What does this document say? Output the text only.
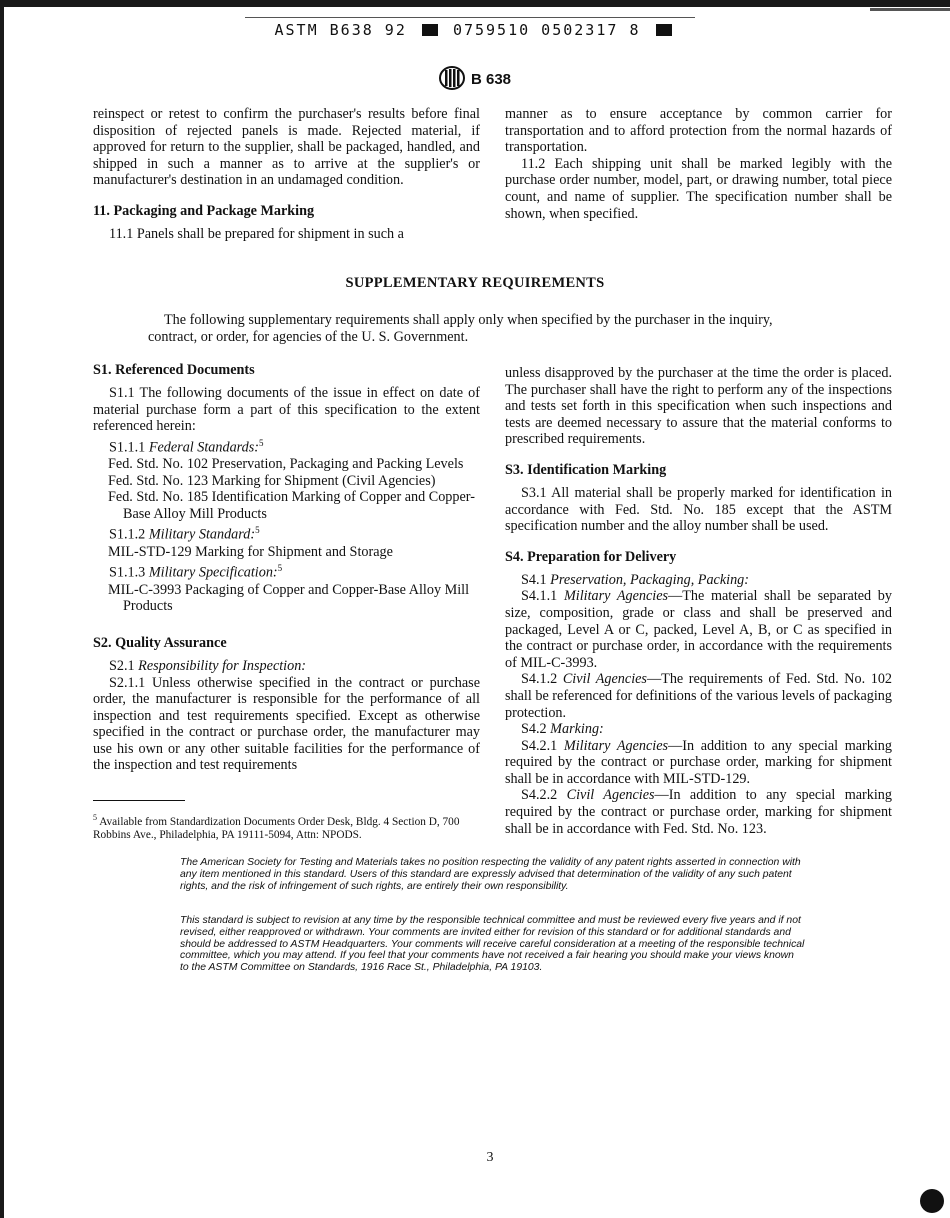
ASTM B638 92	0759510 0502317 8
B 638

reinspect or retest to confirm the purchaser's results before final disposition of rejected panels is made. Rejected material, if approved for return to the supplier, shall be packaged, handled, and shipped in such a manner as to arrive at the supplier's or manufacturer's destination in an undamaged condition.

11. Packaging and Package Marking

11.1 Panels shall be prepared for shipment in such a

manner as to ensure acceptance by common carrier for transportation and to afford protection from the normal hazards of transportation.

11.2 Each shipping unit shall be marked legibly with the purchase order number, model, part, or drawing number, total piece count, and name of supplier. The specification number shall be shown, when specified.

SUPPLEMENTARY REQUIREMENTS

The following supplementary requirements shall apply only when specified by the purchaser in the inquiry,

contract, or order, for agencies of the U. S. Government.

S1. Referenced Documents

S1.1 The following documents of the issue in effect on date of material purchase form a part of this specification to the extent referenced herein:

S1.1.1 Federal Standards:$^5$

Fed. Std. No. 102 Preservation, Packaging and Packing Levels

Fed. Std. No. 123 Marking for Shipment (Civil Agencies)

Fed. Std. No. 185 Identification Marking of Copper and Copper-Base Alloy Mill Products

S1.1.2 Military Standard:$^5$

MIL-STD-129 Marking for Shipment and Storage

S1.1.3 Military Specification:$^5$

MIL-C-3993 Packaging of Copper and Copper-Base Alloy Mill Products

S2. Quality Assurance

S2.1 Responsibility for Inspection:

S2.1.1 Unless otherwise specified in the contract or purchase order, the manufacturer is responsible for the performance of all inspection and test requirements specified. Except as otherwise specified in the contract or purchase order, the manufacturer may use his own or any other suitable facilities for the performance of the inspection and test requirements

unless disapproved by the purchaser at the time the order is placed. The purchaser shall have the right to perform any of the inspections and tests set forth in this specification when such inspections and tests are deemed necessary to assure that the material conforms to prescribed requirements.

S3. Identification Marking

S3.1 All material shall be properly marked for identification in accordance with Fed. Std. No. 185 except that the ASTM specification number and the alloy number shall be used.

S4. Preparation for Delivery

S4.1 Preservation, Packaging, Packing:

S4.1.1 Military Agencies—The material shall be separated by size, composition, grade or class and shall be preserved and packaged, Level A or C, packed, Level A, B, or C as specified in the contract or purchase order, in accordance with the requirements of MIL-C-3993.

S4.1.2 Civil Agencies—The requirements of Fed. Std. No. 102 shall be referenced for definitions of the various levels of packaging protection.

S4.2 Marking:

S4.2.1 Military Agencies—In addition to any special marking required by the contract or purchase order, marking for shipment shall be in accordance with MIL-STD-129.

S4.2.2 Civil Agencies—In addition to any special marking required by the contract or purchase order, marking for shipment shall be in accordance with Fed. Std. No. 123.

$^5$ Available from Standardization Documents Order Desk, Bldg. 4 Section D, 700 Robbins Ave., Philadelphia, PA 19111-5094, Attn: NPODS.

The American Society for Testing and Materials takes no position respecting the validity of any patent rights asserted in connection with any item mentioned in this standard. Users of this standard are expressly advised that determination of the validity of any such patent rights, and the risk of infringement of such rights, are entirely their own responsibility.

This standard is subject to revision at any time by the responsible technical committee and must be reviewed every five years and if not revised, either reapproved or withdrawn. Your comments are invited either for revision of this standard or for additional standards and should be addressed to ASTM Headquarters. Your comments will receive careful consideration at a meeting of the responsible technical committee, which you may attend. If you feel that your comments have not received a fair hearing you should make your views known to the ASTM Committee on Standards, 1916 Race St., Philadelphia, PA 19103.

3
